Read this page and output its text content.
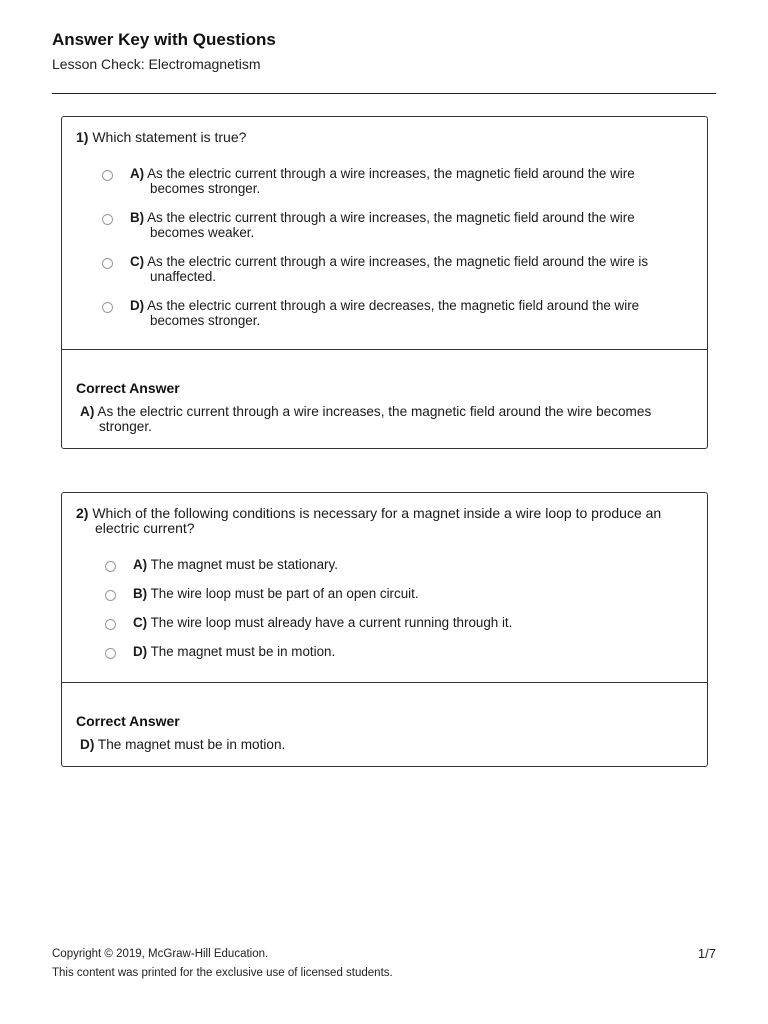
Answer Key with Questions
Lesson Check: Electromagnetism
1) Which statement is true?
A) As the electric current through a wire increases, the magnetic field around the wire becomes stronger.
B) As the electric current through a wire increases, the magnetic field around the wire becomes weaker.
C) As the electric current through a wire increases, the magnetic field around the wire is unaffected.
D) As the electric current through a wire decreases, the magnetic field around the wire becomes stronger.
Correct Answer
A) As the electric current through a wire increases, the magnetic field around the wire becomes stronger.
2) Which of the following conditions is necessary for a magnet inside a wire loop to produce an electric current?
A) The magnet must be stationary.
B) The wire loop must be part of an open circuit.
C) The wire loop must already have a current running through it.
D) The magnet must be in motion.
Correct Answer
D) The magnet must be in motion.
Copyright © 2019, McGraw-Hill Education.
This content was printed for the exclusive use of licensed students.
1/7
